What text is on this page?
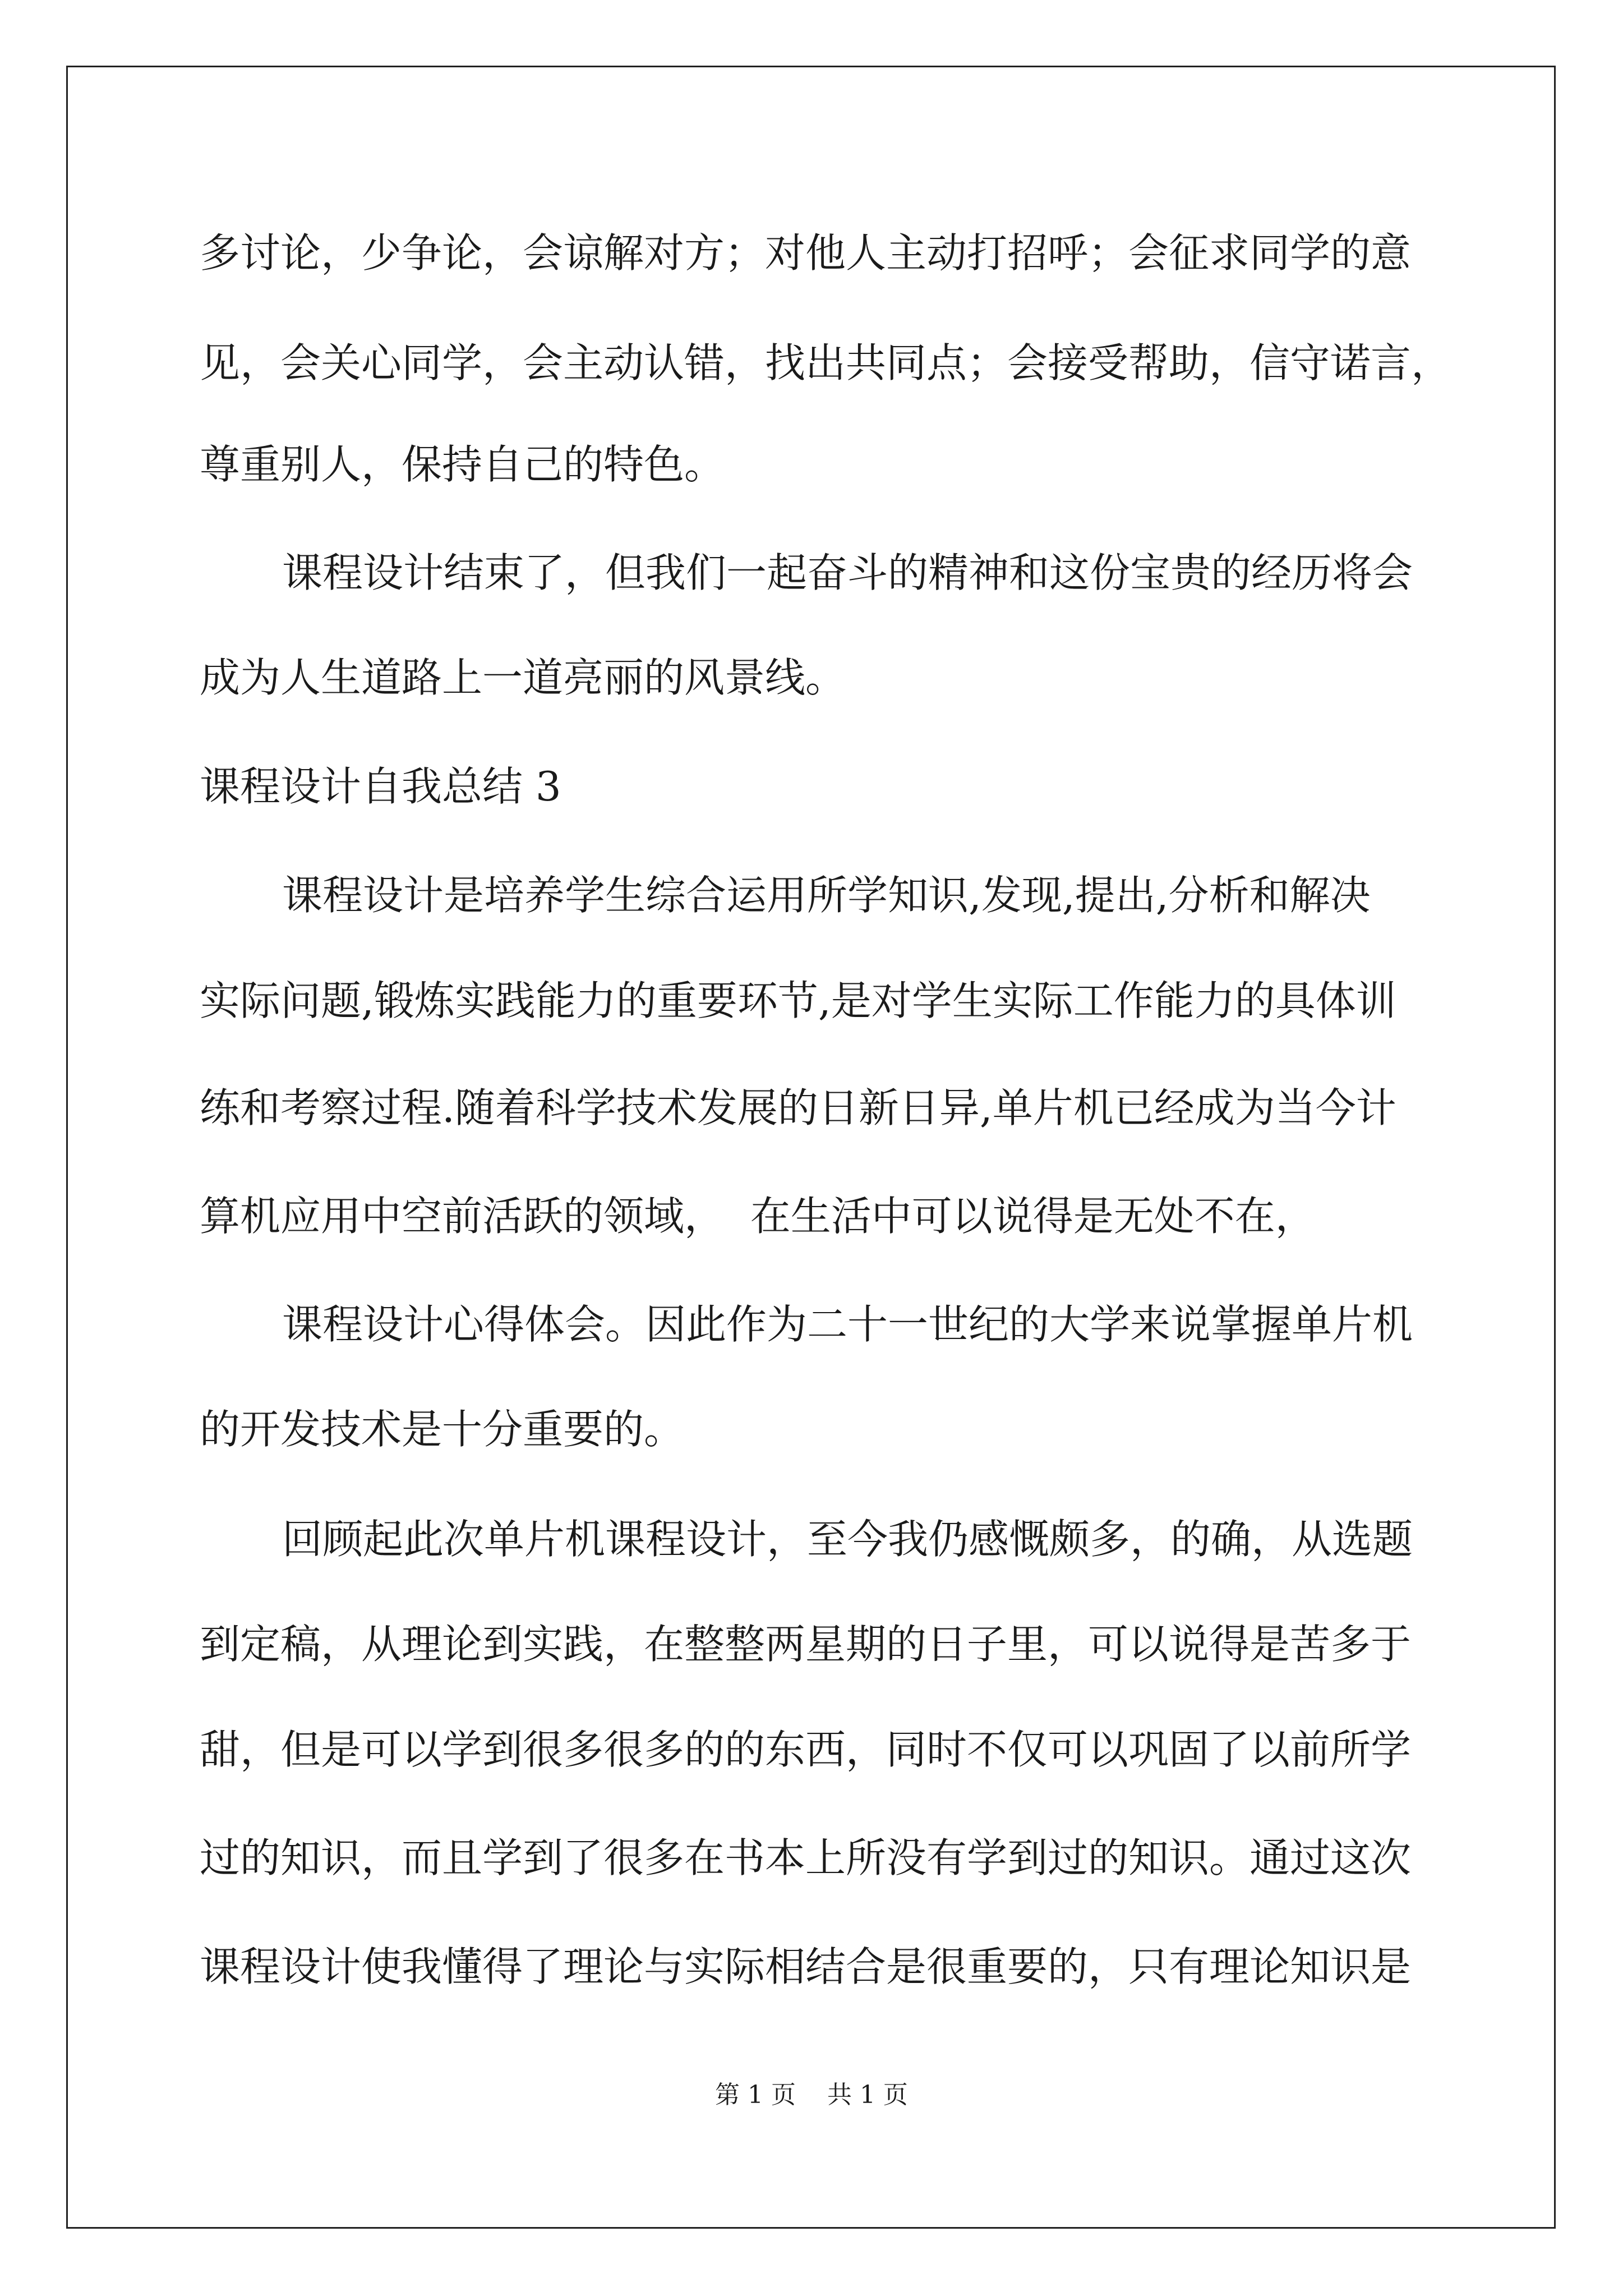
多讨论，少争论，会谅解对方；对他人主动打招呼；会征求同学的意

见，会关心同学，会主动认错，找出共同点；会接受帮助，信守诺言，

尊重别人，保持自己的特色。

课程设计结束了，但我们一起奋斗的精神和这份宝贵的经历将会

成为人生道路上一道亮丽的风景线。

课程设计自我总结 3

课程设计是培养学生综合运用所学知识,发现,提出,分析和解决

实际问题,锻炼实践能力的重要环节,是对学生实际工作能力的具体训

练和考察过程.随着科学技术发展的日新日异,单片机已经成为当今计

算机应用中空前活跃的领域，  在生活中可以说得是无处不在，

课程设计心得体会。因此作为二十一世纪的大学来说掌握单片机

的开发技术是十分重要的。

回顾起此次单片机课程设计，至今我仍感慨颇多，的确，从选题

到定稿，从理论到实践，在整整两星期的日子里，可以说得是苦多于

甜，但是可以学到很多很多的的东西，同时不仅可以巩固了以前所学

过的知识，而且学到了很多在书本上所没有学到过的知识。通过这次

课程设计使我懂得了理论与实际相结合是很重要的，只有理论知识是

第 1 页    共 1 页
